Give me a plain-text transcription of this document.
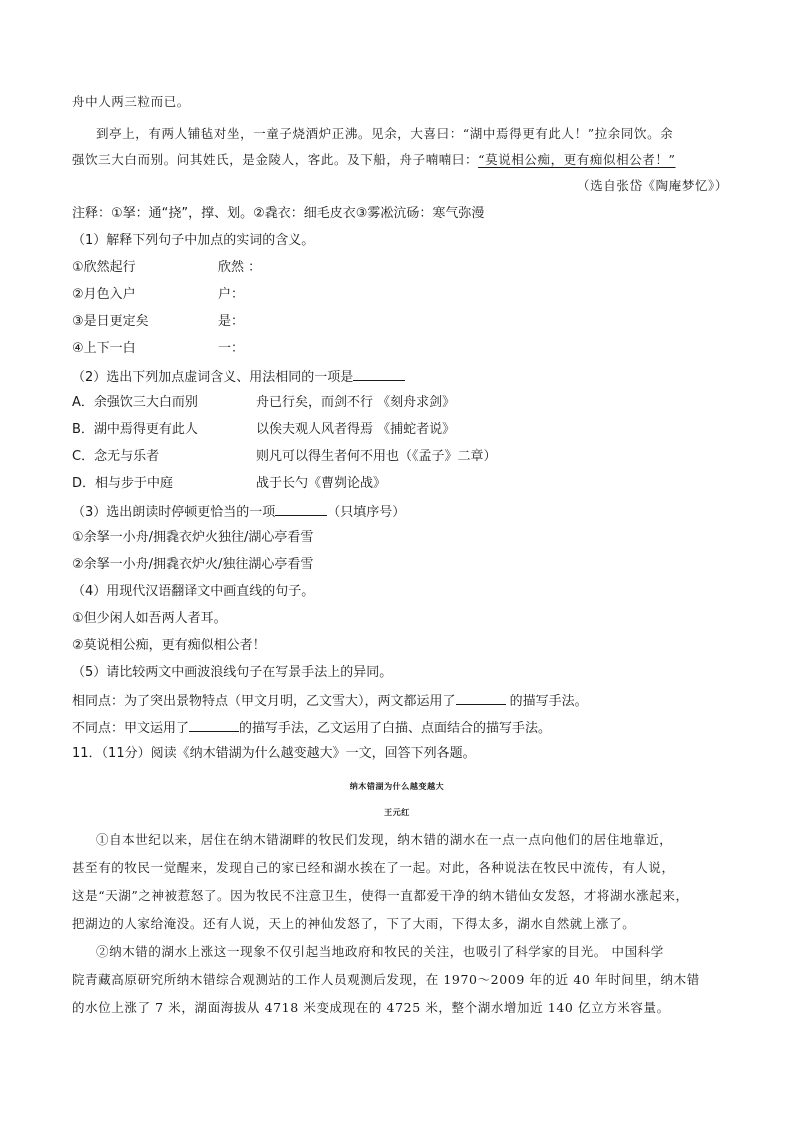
舟中人两三粒而已。
到亭上，有两人铺毡对坐，一童子烧酒炉正沸。见余，大喜曰：“湖中焉得更有此人！”拉余同饮。余
强饮三大白而别。问其姓氏，是金陵人，客此。及下船，舟子喃喃曰：“莫说相公痴，更有痴似相公者！”
（选自张岱《陶庵梦忆》）
注释：①拏：通“挠”，撑、划。②毳衣：细毛皮衣③雾凇沆砀：寒气弥漫
（1）解释下列句子中加点的实词的含义。
①欣然起行	欣然 ：
②月色入户	户：
③是日更定矣	是：
④上下一白	一：
（2）选出下列加点虚词含义、用法相同的一项是
A．余强饮三大白而别	舟已行矣，而剑不行 《刻舟求剑》
B．湖中焉得更有此人	以俟夫观人风者得焉 《捕蛇者说》
C．念无与乐者	则凡可以得生者何不用也（《孟子》二章）
D．相与步于中庭	战于长勺《曹刿论战》
（3）选出朗读时停顿更恰当的一项	（只填序号）
①余拏一小舟/拥毳衣炉火独往/湖心亭看雪
②余拏一小舟/拥毳衣炉火/独往湖心亭看雪
（4）用现代汉语翻译文中画直线的句子。
①但少闲人如吾两人者耳。
②莫说相公痴，更有痴似相公者！
（5）请比较两文中画波浪线句子在写景手法上的异同。
相同点：为了突出景物特点（甲文月明，乙文雪大），两文都运用了	的描写手法。
不同点：甲文运用了	的描写手法，乙文运用了白描、点面结合的描写手法。
11．（11分）阅读《纳木错湖为什么越变越大》一文，回答下列各题。
纳木错湖为什么越变越大
王元红
①自本世纪以来，居住在纳木错湖畔的牧民们发现，纳木错的湖水在一点一点向他们的居住地靠近，
甚至有的牧民一觉醒来，发现自己的家已经和湖水挨在了一起。对此，各种说法在牧民中流传，有人说，
这是“天湖”之神被惹怒了。因为牧民不注意卫生，使得一直都爱干净的纳木错仙女发怒，才将湖水涨起来，
把湖边的人家给淹没。还有人说，天上的神仙发怒了，下了大雨，下得太多，湖水自然就上涨了。
②纳木错的湖水上涨这一现象不仅引起当地政府和牧民的关注，也吸引了科学家的目光。 中国科学
院青藏高原研究所纳木错综合观测站的工作人员观测后发现，在 1970～2009 年的近 40 年时间里，纳木错
的水位上涨了 7 米，湖面海拔从 4718 米变成现在的 4725 米，整个湖水增加近 140 亿立方米容量。
